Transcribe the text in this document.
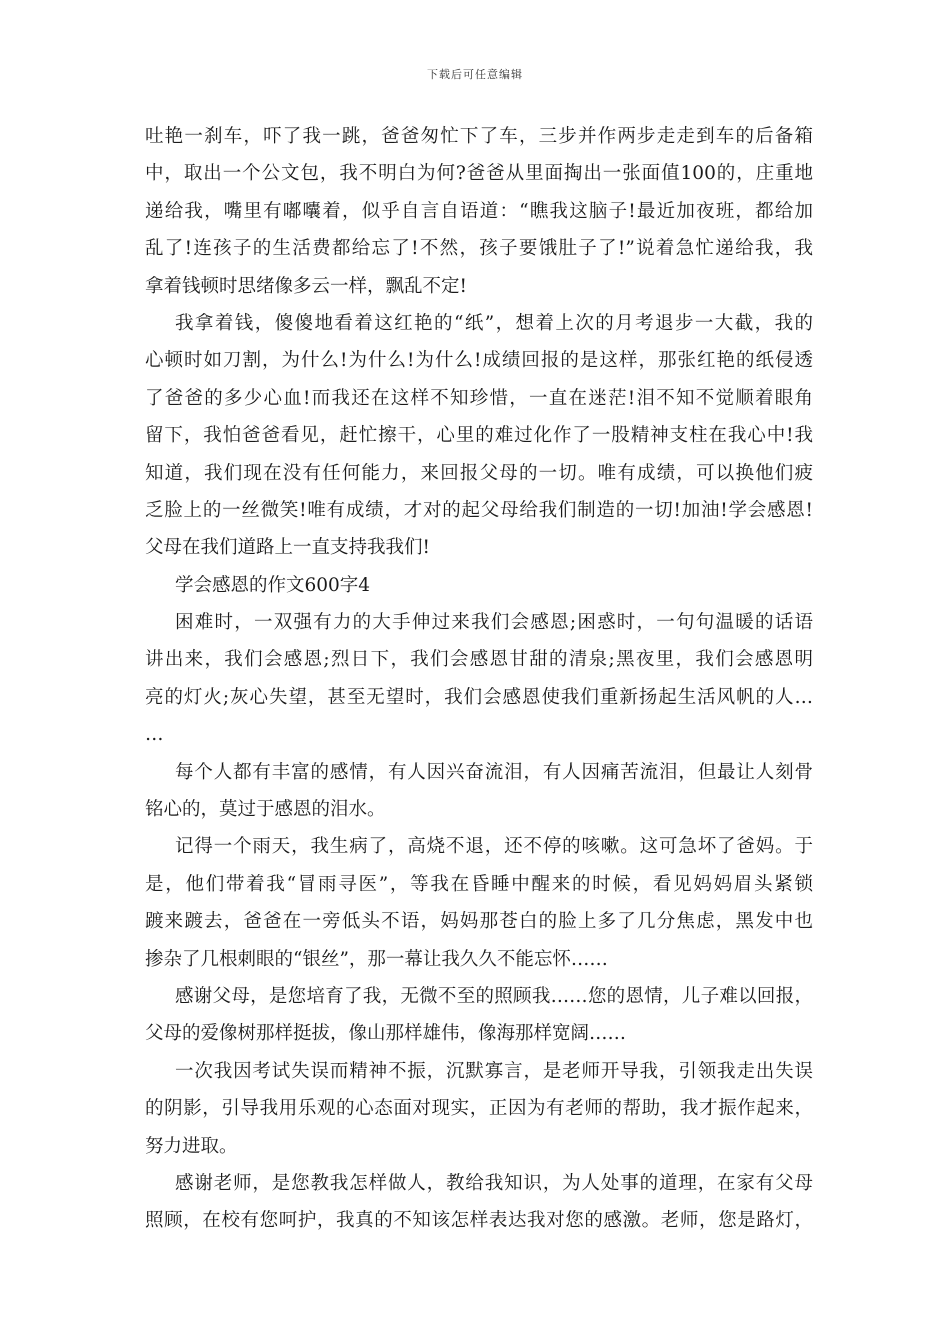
下载后可任意编辑
吐艳一刹车，吓了我一跳，爸爸匆忙下了车，三步并作两步走走到车的后备箱
中，取出一个公文包，我不明白为何?爸爸从里面掏出一张面值100的，庄重地
递给我，嘴里有嘟囔着，似乎自言自语道：“瞧我这脑子!最近加夜班，都给加
乱了!连孩子的生活费都给忘了!不然，孩子要饿肚子了!”说着急忙递给我，我
拿着钱顿时思绪像多云一样，飘乱不定!
我拿着钱，傻傻地看着这红艳的“纸”，想着上次的月考退步一大截，我的
心顿时如刀割，为什么!为什么!为什么!成绩回报的是这样，那张红艳的纸侵透
了爸爸的多少心血!而我还在这样不知珍惜，一直在迷茫!泪不知不觉顺着眼角
留下，我怕爸爸看见，赶忙擦干，心里的难过化作了一股精神支柱在我心中!我
知道，我们现在没有任何能力，来回报父母的一切。唯有成绩，可以换他们疲
乏脸上的一丝微笑!唯有成绩，才对的起父母给我们制造的一切!加油!学会感恩!
父母在我们道路上一直支持我我们!
学会感恩的作文600字4
困难时，一双强有力的大手伸过来我们会感恩;困惑时，一句句温暖的话语
讲出来，我们会感恩;烈日下，我们会感恩甘甜的清泉;黑夜里，我们会感恩明
亮的灯火;灰心失望，甚至无望时，我们会感恩使我们重新扬起生活风帆的人…
…
每个人都有丰富的感情，有人因兴奋流泪，有人因痛苦流泪，但最让人刻骨
铭心的，莫过于感恩的泪水。
记得一个雨天，我生病了，高烧不退，还不停的咳嗽。这可急坏了爸妈。于
是，他们带着我“冒雨寻医”，等我在昏睡中醒来的时候，看见妈妈眉头紧锁
踱来踱去，爸爸在一旁低头不语，妈妈那苍白的脸上多了几分焦虑，黑发中也
掺杂了几根刺眼的“银丝”，那一幕让我久久不能忘怀……
感谢父母，是您培育了我，无微不至的照顾我……您的恩情，儿子难以回报，
父母的爱像树那样挺拔，像山那样雄伟，像海那样宽阔……
一次我因考试失误而精神不振，沉默寡言，是老师开导我，引领我走出失误
的阴影，引导我用乐观的心态面对现实，正因为有老师的帮助，我才振作起来，
努力进取。
感谢老师，是您教我怎样做人，教给我知识，为人处事的道理，在家有父母
照顾，在校有您呵护，我真的不知该怎样表达我对您的感激。老师，您是路灯，
